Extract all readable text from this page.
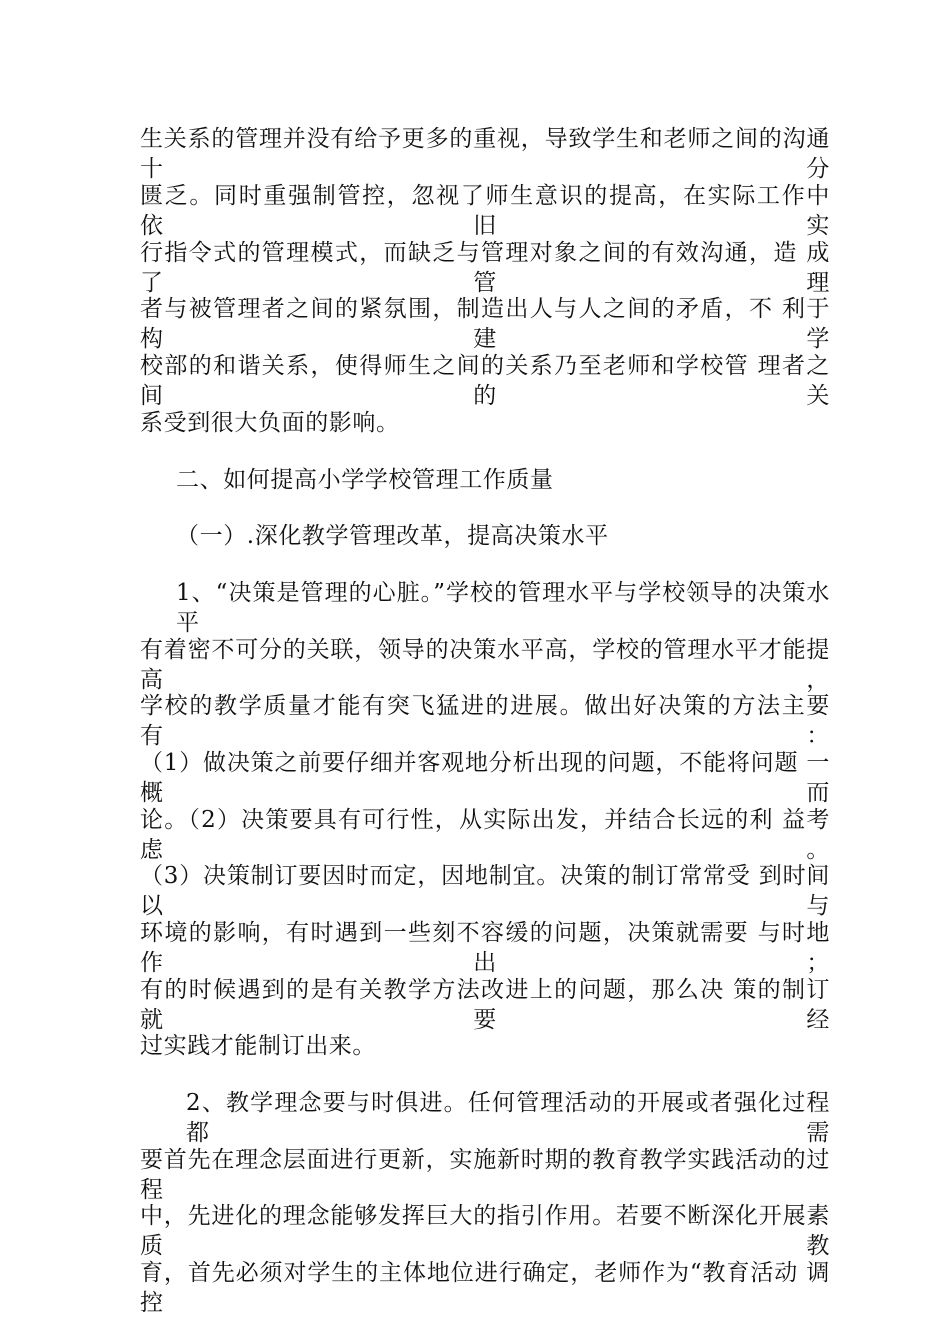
生关系的管理并没有给予更多的重视，导致学生和老师之间的沟通 十分
匮乏。同时重强制管控，忽视了师生意识的提高，在实际工作中 依旧实
行指令式的管理模式，而缺乏与管理对象之间的有效沟通，造 成了管理
者与被管理者之间的紧氛围，制造出人与人之间的矛盾，不 利于构建学
校部的和谐关系，使得师生之间的关系乃至老师和学校管 理者之间的关
系受到很大负面的影响。
二、如何提高小学学校管理工作质量
（一）.深化教学管理改革，提高决策水平
1、“决策是管理的心脏。”学校的管理水平与学校领导的决策水 平
有着密不可分的关联，领导的决策水平高，学校的管理水平才能提 高，
学校的教学质量才能有突飞猛进的进展。做出好决策的方法主要 有：
（1）做决策之前要仔细并客观地分析出现的问题，不能将问题 一概而
论。（2）决策要具有可行性，从实际出发，并结合长远的利 益考虑。
（3）决策制订要因时而定，因地制宜。决策的制订常常受 到时间以与
环境的影响，有时遇到一些刻不容缓的问题，决策就需要 与时地作出；
有的时候遇到的是有关教学方法改进上的问题，那么决 策的制订就要经
过实践才能制订出来。
2、教学理念要与时俱进。任何管理活动的开展或者强化过程都 需
要首先在理念层面进行更新，实施新时期的教育教学实践活动的过 程
中，先进化的理念能够发挥巨大的指引作用。若要不断深化开展素 质教
育，首先必须对学生的主体地位进行确定，老师作为“教育活动 调控
